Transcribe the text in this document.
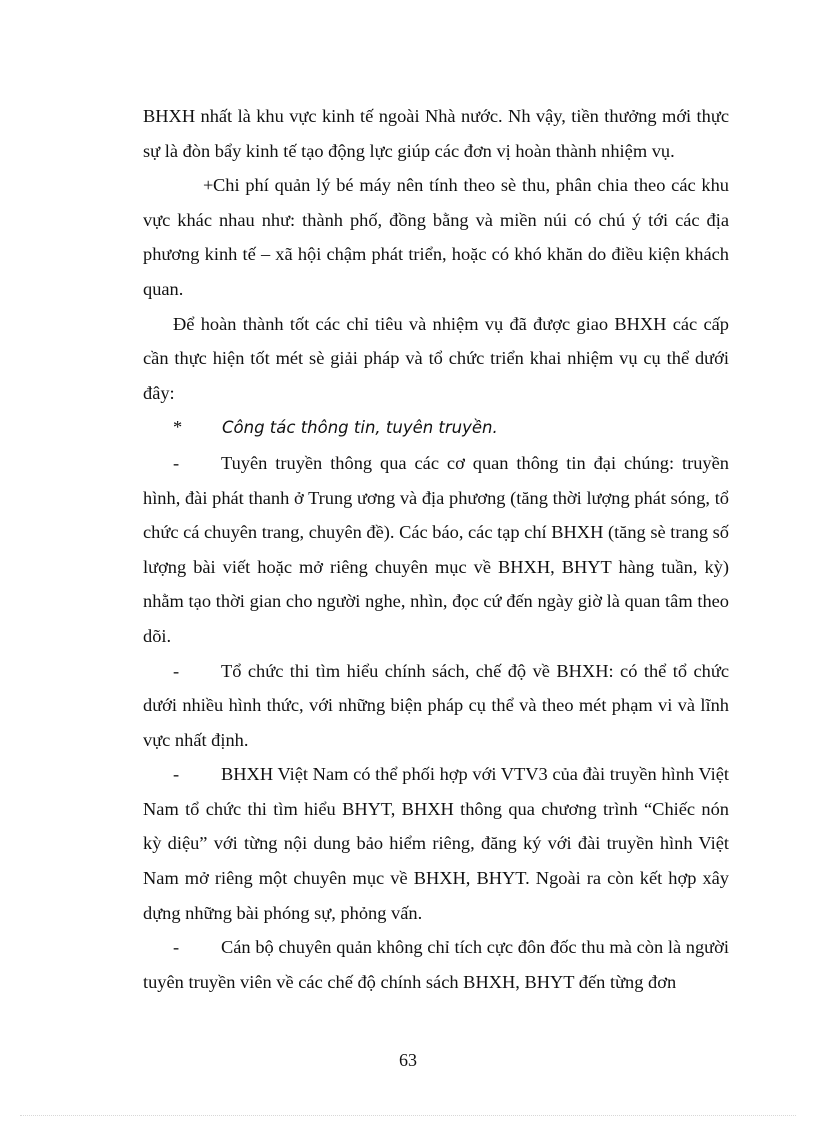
BHXH nhất là khu vực kinh tế ngoài Nhà nước. Nh vậy, tiền thưởng mới thực sự là đòn bẩy kinh tế tạo động lực giúp các đơn vị hoàn thành nhiệm vụ.

+Chi phí quản lý bé máy nên tính theo sè thu, phân chia theo các khu vực khác nhau như: thành phố, đồng bằng và miền núi có chú ý tới các địa phương kinh tế – xã hội chậm phát triển, hoặc có khó khăn do điều kiện khách quan.

Để hoàn thành tốt các chỉ tiêu và nhiệm vụ đã được giao BHXH các cấp cần thực hiện tốt mét sè giải pháp và tổ chức triển khai nhiệm vụ cụ thể dưới đây:

*	Công tác thông tin, tuyên truyền.

- Tuyên truyền thông qua các cơ quan thông tin đại chúng: truyền hình, đài phát thanh ở Trung ương và địa phương (tăng thời lượng phát sóng, tổ chức cá chuyên trang, chuyên đề). Các báo, các tạp chí BHXH (tăng sè trang số lượng bài viết hoặc mở riêng chuyên mục về BHXH, BHYT hàng tuần, kỳ) nhằm tạo thời gian cho người nghe, nhìn, đọc cứ đến ngày giờ là quan tâm theo dõi.

- Tổ chức thi tìm hiểu chính sách, chế độ về BHXH: có thể tổ chức dưới nhiều hình thức, với những biện pháp cụ thể và theo mét phạm vi và lĩnh vực nhất định.

- BHXH Việt Nam có thể phối hợp với VTV3 của đài truyền hình Việt Nam tổ chức thi tìm hiểu BHYT, BHXH thông qua chương trình “Chiếc nón kỳ diệu” với từng nội dung bảo hiểm riêng, đăng ký với đài truyền hình Việt Nam mở riêng một chuyên mục về BHXH, BHYT. Ngoài ra còn kết hợp xây dựng những bài phóng sự, phỏng vấn.

- Cán bộ chuyên quản không chỉ tích cực đôn đốc thu mà còn là người tuyên truyền viên về các chế độ chính sách BHXH, BHYT đến từng đơn

63
